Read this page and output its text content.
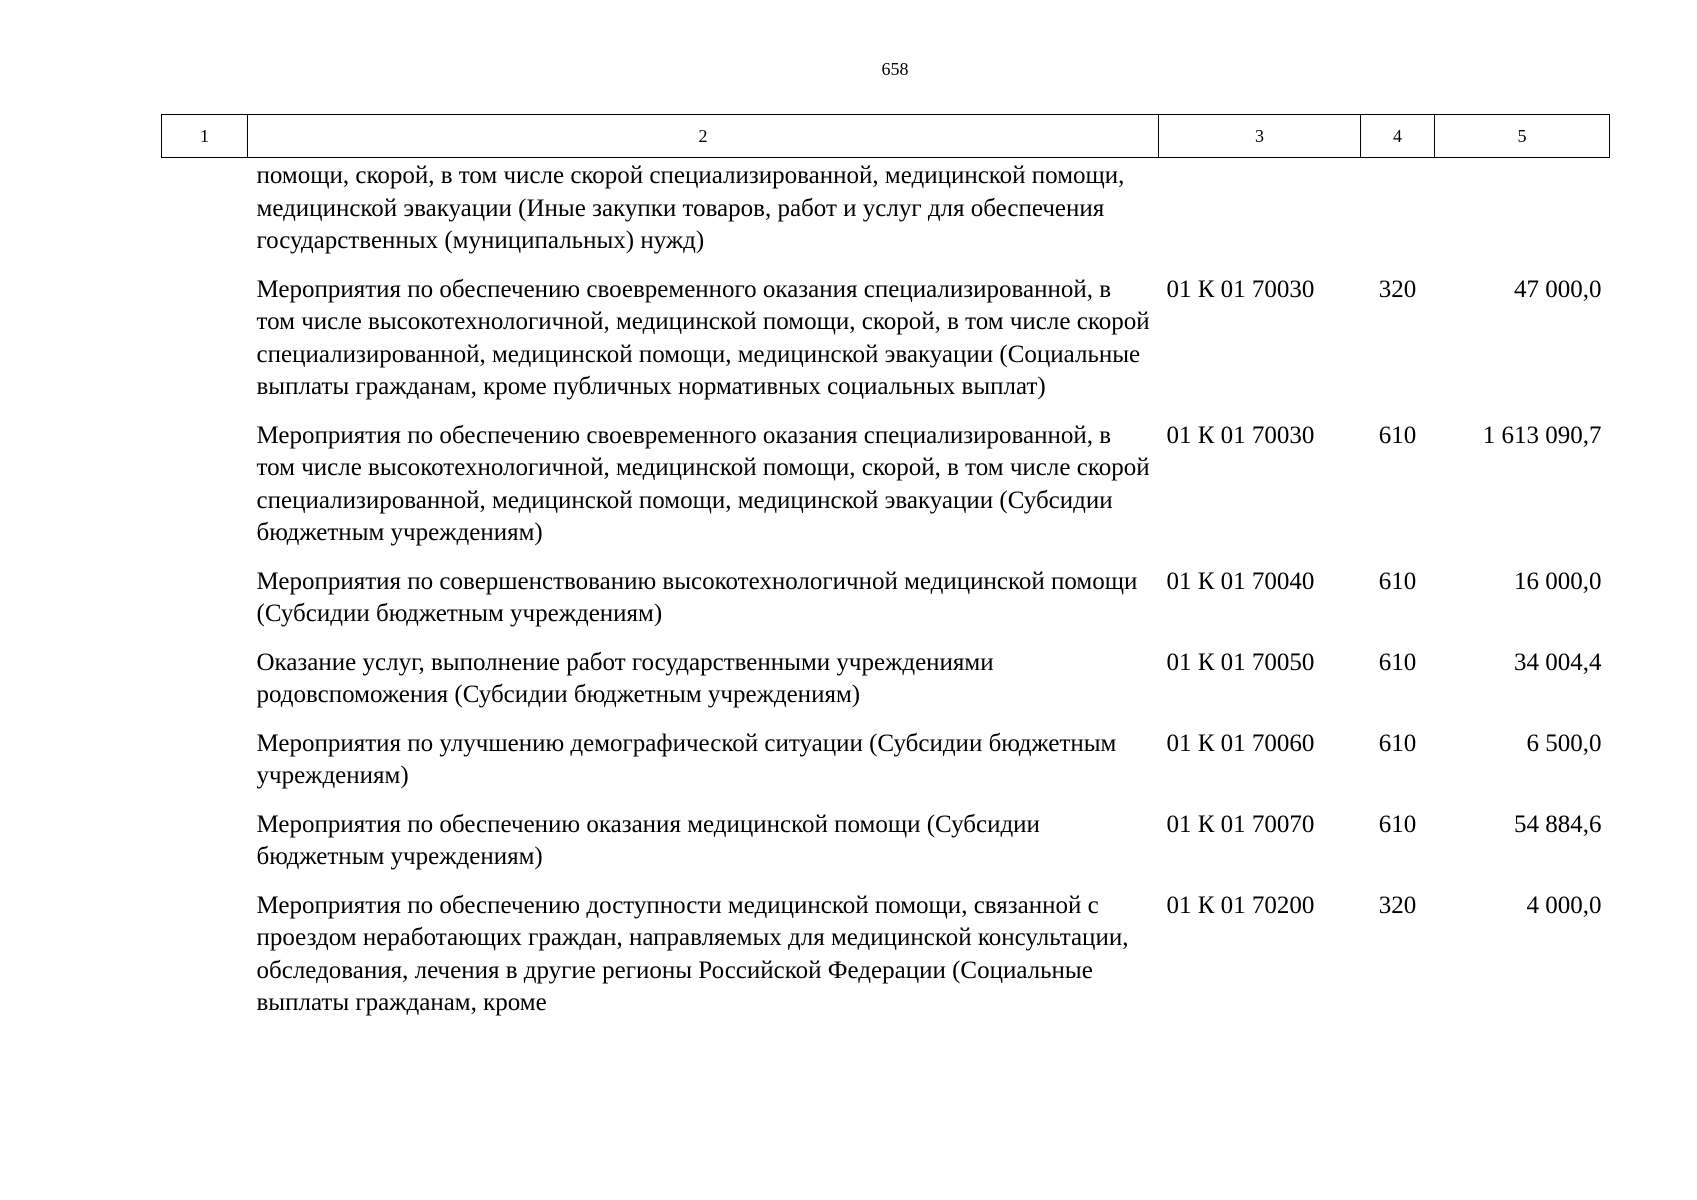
658
1	2	3	4	5
	помощи, скорой, в том числе скорой специализированной, медицинской помощи, медицинской эвакуации (Иные закупки товаров, работ и услуг для обеспечения государственных (муниципальных) нужд)			
	Мероприятия по обеспечению своевременного оказания специализированной, в том числе высокотехнологичной, медицинской помощи, скорой, в том числе скорой специализированной, медицинской помощи, медицинской эвакуации (Социальные выплаты гражданам, кроме публичных нормативных социальных выплат)	01 К 01 70030	320	47 000,0
	Мероприятия по обеспечению своевременного оказания специализированной, в том числе высокотехнологичной, медицинской помощи, скорой, в том числе скорой специализированной, медицинской помощи, медицинской эвакуации (Субсидии бюджетным учреждениям)	01 К 01 70030	610	1 613 090,7
	Мероприятия по совершенствованию высокотехнологичной медицинской помощи (Субсидии бюджетным учреждениям)	01 К 01 70040	610	16 000,0
	Оказание услуг, выполнение работ государственными учреждениями родовспоможения (Субсидии бюджетным учреждениям)	01 К 01 70050	610	34 004,4
	Мероприятия по улучшению демографической ситуации (Субсидии бюджетным учреждениям)	01 К 01 70060	610	6 500,0
	Мероприятия по обеспечению оказания медицинской помощи (Субсидии бюджетным учреждениям)	01 К 01 70070	610	54 884,6
	Мероприятия по обеспечению доступности медицинской помощи, связанной с проездом неработающих граждан, направляемых для медицинской консультации, обследования, лечения в другие регионы Российской Федерации (Социальные выплаты гражданам, кроме	01 К 01 70200	320	4 000,0
